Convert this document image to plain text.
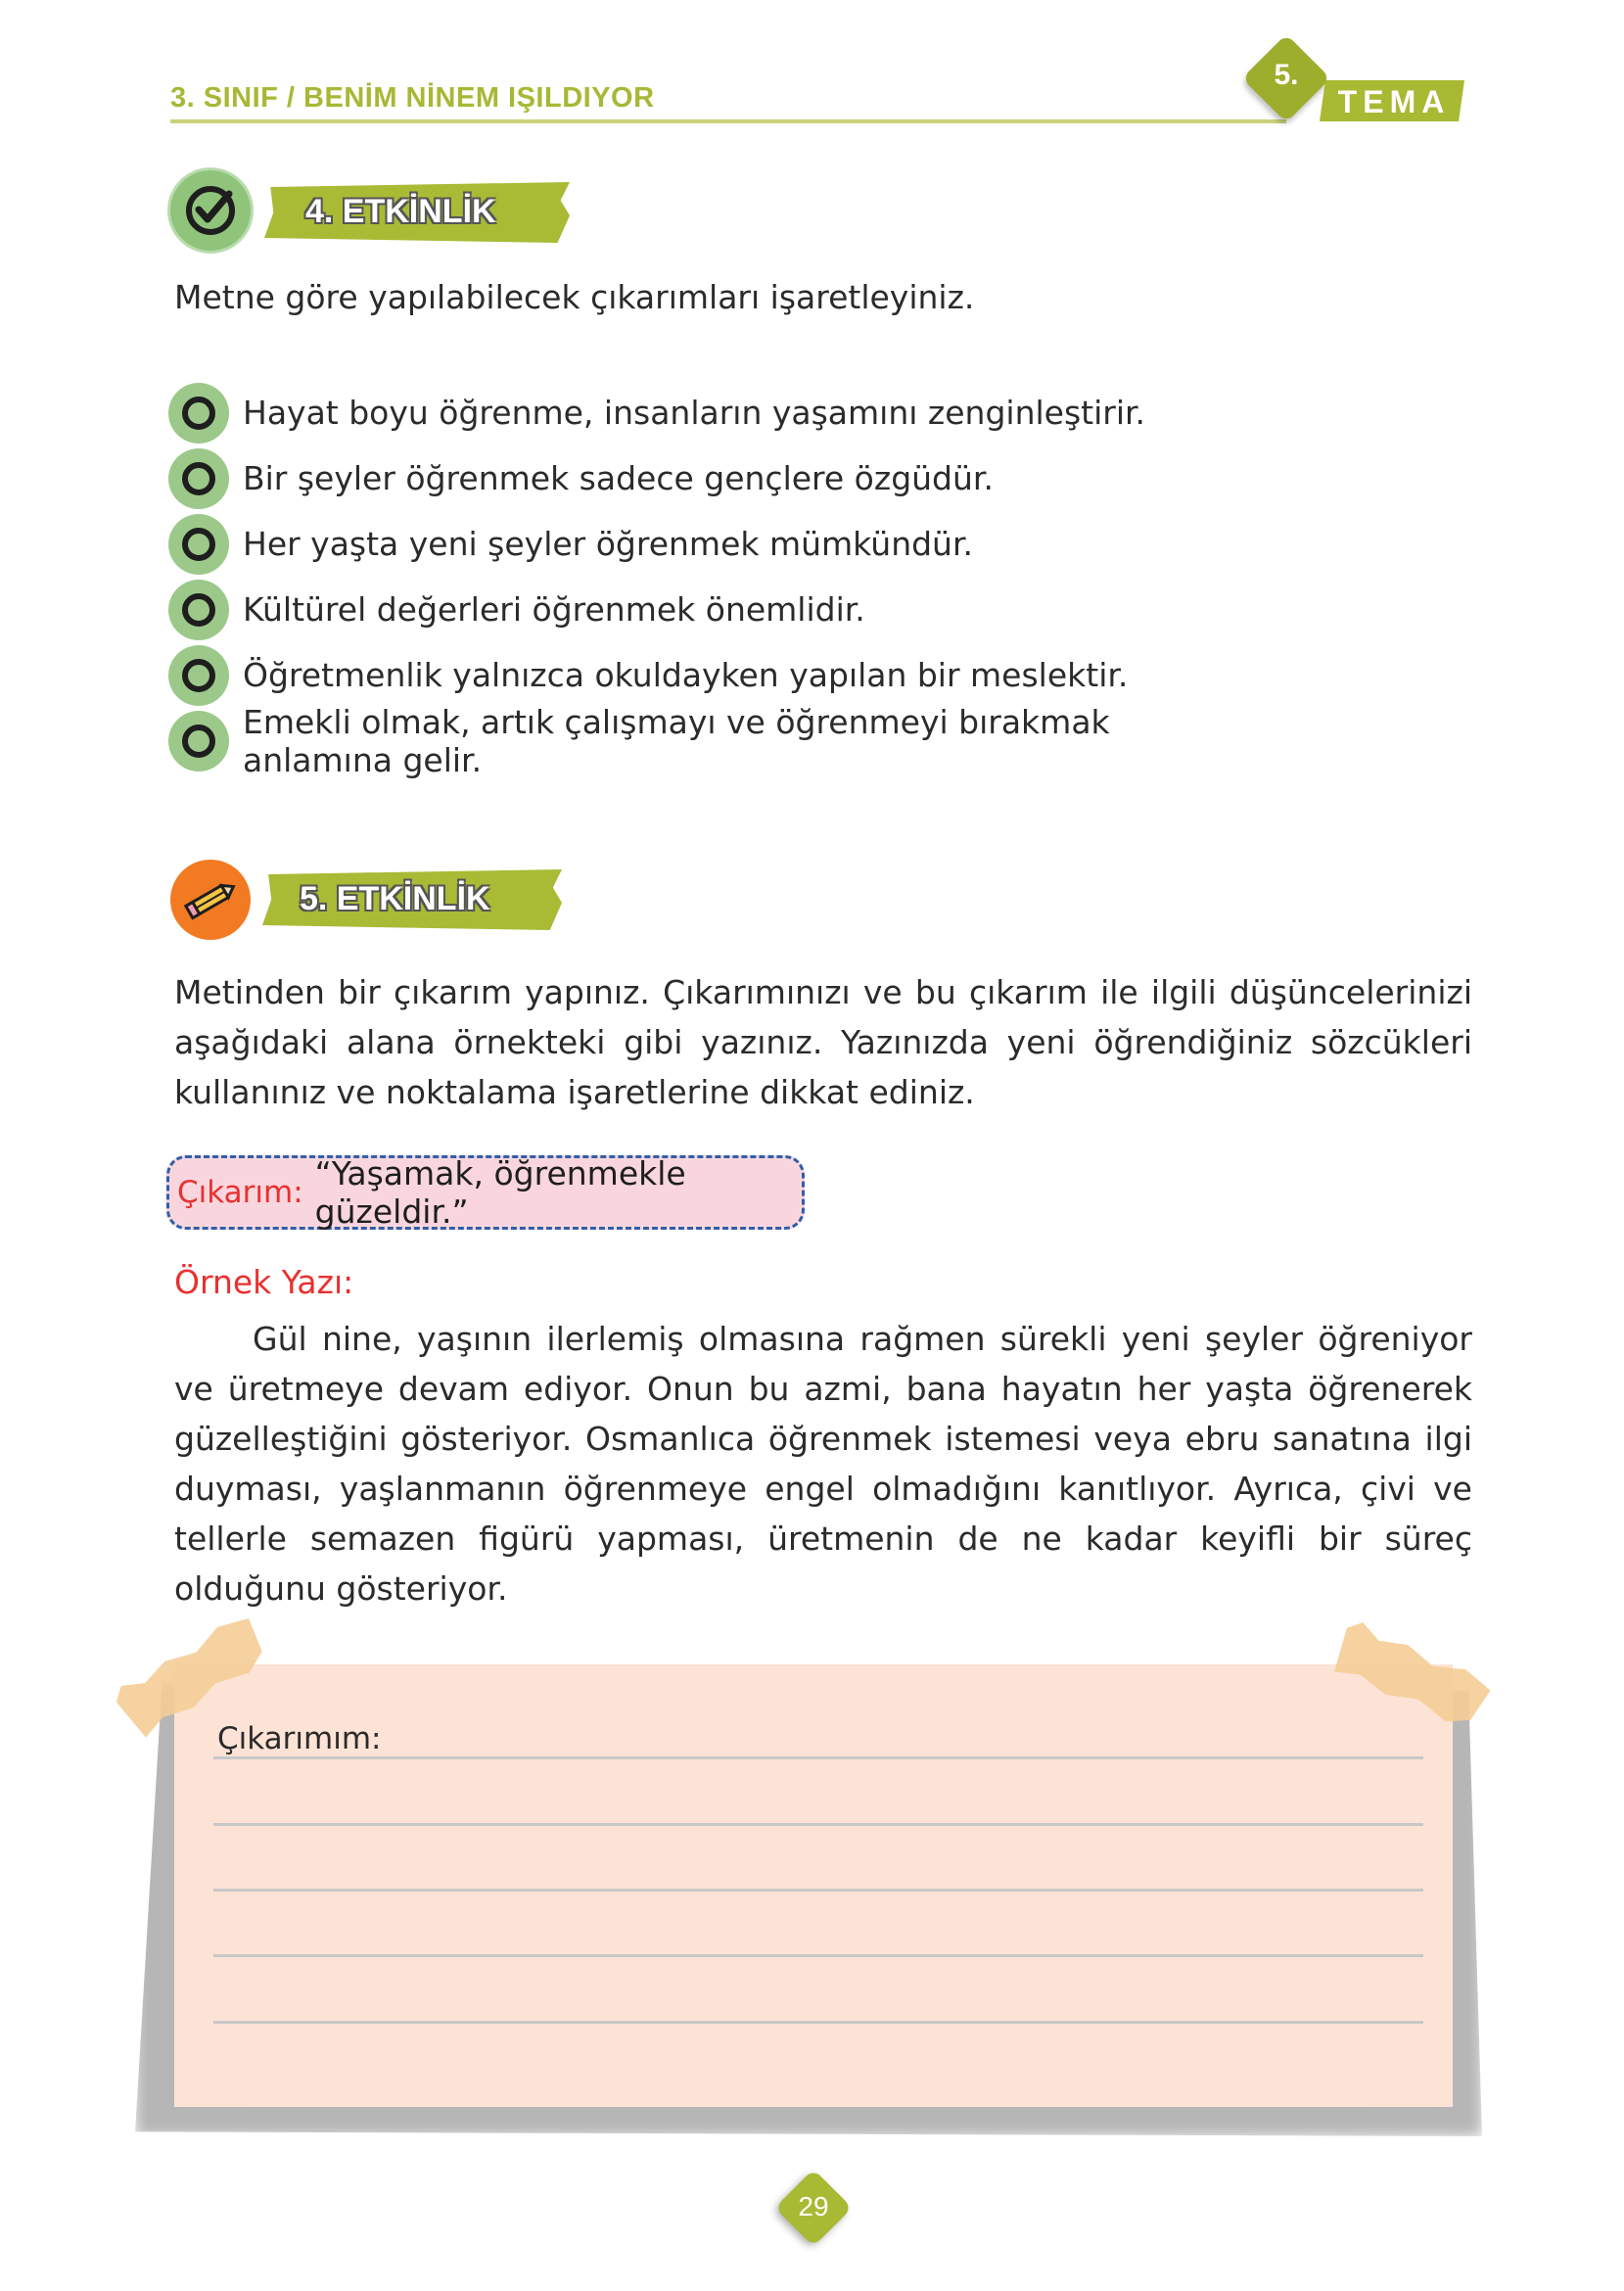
3. SINIF / BENİM NİNEM IŞILDIYOR
5.
TEMA
4. ETKİNLİK
Metne göre yapılabilecek çıkarımları işaretleyiniz.
Hayat boyu öğrenme, insanların yaşamını zenginleştirir.
Bir şeyler öğrenmek sadece gençlere özgüdür.
Her yaşta yeni şeyler öğrenmek mümkündür.
Kültürel değerleri öğrenmek önemlidir.
Öğretmenlik yalnızca okuldayken yapılan bir meslektir.
Emekli olmak, artık çalışmayı ve öğrenmeyi bırakmak anlamına gelir.
5. ETKİNLİK
Metinden bir çıkarım yapınız. Çıkarımınızı ve bu çıkarım ile ilgili düşüncelerinizi aşağıdaki alana örnekteki gibi yazınız. Yazınızda yeni öğrendiğiniz sözcükleri kullanınız ve noktalama işaretlerine dikkat ediniz.
Çıkarım: “Yaşamak, öğrenmekle güzeldir.”
Örnek Yazı:
Gül nine, yaşının ilerlemiş olmasına rağmen sürekli yeni şeyler öğreniyor ve üretmeye devam ediyor. Onun bu azmi, bana hayatın her yaşta öğrenerek güzelleştiğini gösteriyor. Osmanlıca öğrenmek istemesi veya ebru sanatına ilgi duyması, yaşlanmanın öğrenmeye engel olmadığını kanıtlıyor. Ayrıca, çivi ve tellerle semazen figürü yapması, üretmenin de ne kadar keyifli bir süreç olduğunu gösteriyor.
Çıkarımım:
29
